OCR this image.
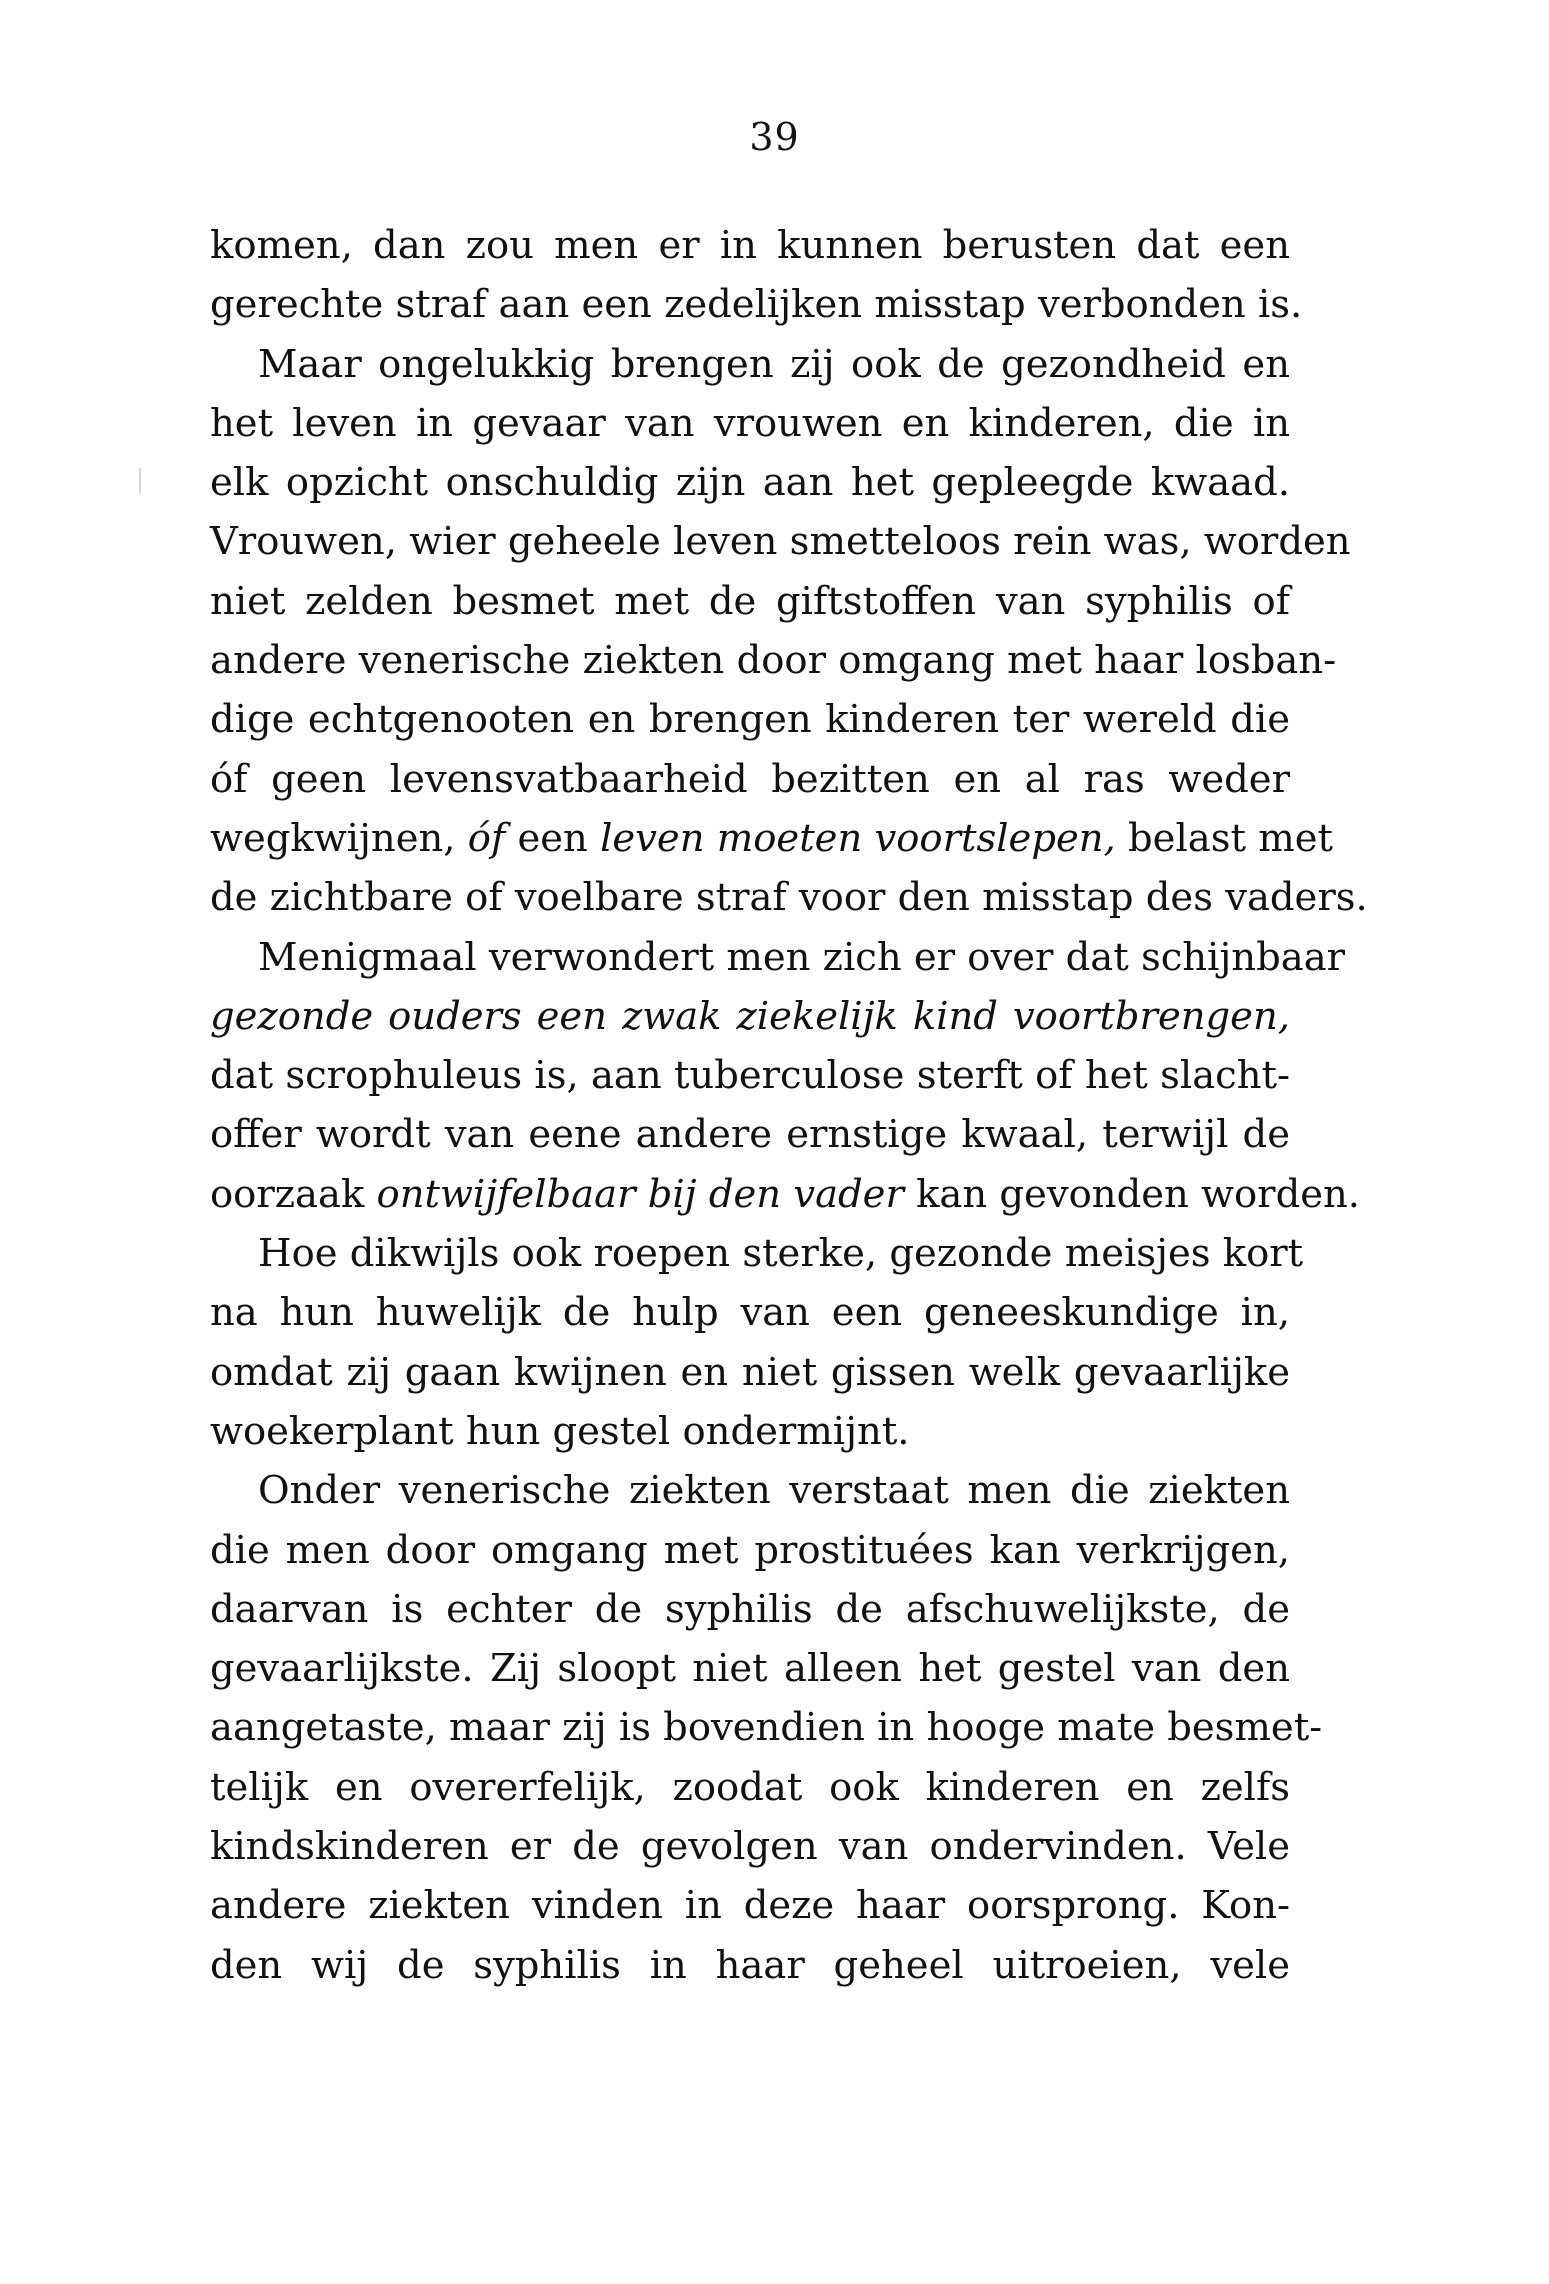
39
komen, dan zou men er in kunnen berusten dat een
gerechte straf aan een zedelijken misstap verbonden is.
Maar ongelukkig brengen zij ook de gezondheid en
het leven in gevaar van vrouwen en kinderen, die in
elk opzicht onschuldig zijn aan het gepleegde kwaad.
Vrouwen, wier geheele leven smetteloos rein was, worden
niet zelden besmet met de giftstoffen van syphilis of
andere venerische ziekten door omgang met haar losban-
dige echtgenooten en brengen kinderen ter wereld die
óf geen levensvatbaarheid bezitten en al ras weder
wegkwijnen, óf een leven moeten voortslepen, belast met
de zichtbare of voelbare straf voor den misstap des vaders.
Menigmaal verwondert men zich er over dat schijnbaar
gezonde ouders een zwak ziekelijk kind voortbrengen,
dat scrophuleus is, aan tuberculose sterft of het slacht-
offer wordt van eene andere ernstige kwaal, terwijl de
oorzaak ontwijfelbaar bij den vader kan gevonden worden.
Hoe dikwijls ook roepen sterke, gezonde meisjes kort
na hun huwelijk de hulp van een geneeskundige in,
omdat zij gaan kwijnen en niet gissen welk gevaarlijke
woekerplant hun gestel ondermijnt.
Onder venerische ziekten verstaat men die ziekten
die men door omgang met prostituées kan verkrijgen,
daarvan is echter de syphilis de afschuwelijkste, de
gevaarlijkste. Zij sloopt niet alleen het gestel van den
aangetaste, maar zij is bovendien in hooge mate besmet-
telijk en overerfelijk, zoodat ook kinderen en zelfs
kindskinderen er de gevolgen van ondervinden. Vele
andere ziekten vinden in deze haar oorsprong. Kon-
den wij de syphilis in haar geheel uitroeien, vele
